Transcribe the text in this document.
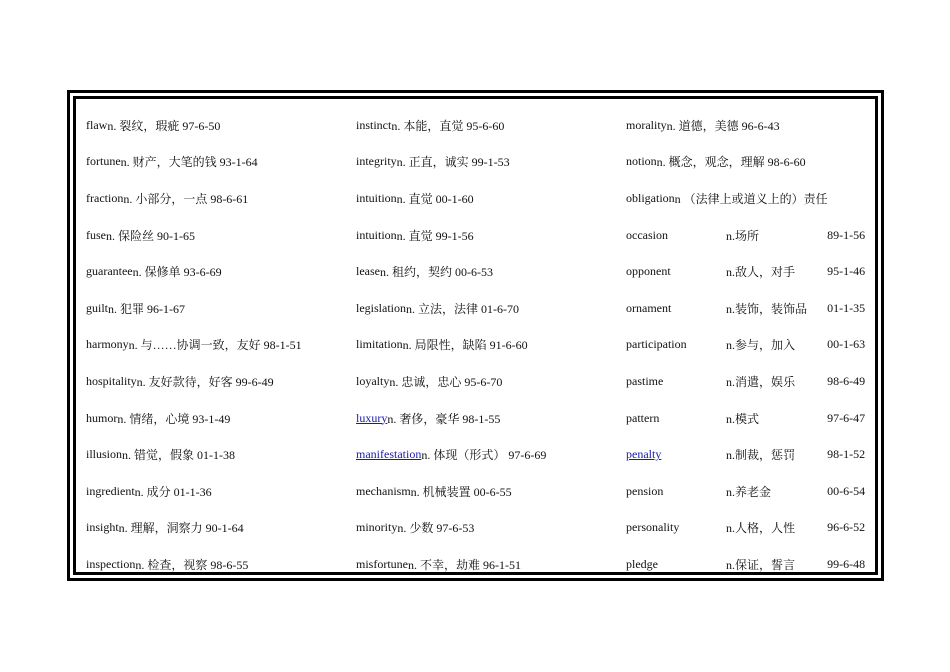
flaw n. 裂纹，瑕疵 97-6-50
fortune n. 财产，大笔的钱 93-1-64
fraction n. 小部分，一点 98-6-61
fuse n. 保险丝 90-1-65
guarantee n. 保修单 93-6-69
guilt n. 犯罪 96-1-67
harmony n. 与……协调一致，友好 98-1-51
hospitality n. 友好款待，好客 99-6-49
humor n. 情绪，心境 93-1-49
illusion n. 错觉，假象 01-1-38
ingredient n. 成分 01-1-36
insight n. 理解，洞察力 90-1-64
inspection n. 检查，视察 98-6-55
instinct n. 本能，直觉 95-6-60
integrity n. 正直，诚实 99-1-53
intuition n. 直觉 00-1-60
intuition n. 直觉 99-1-56
lease n. 租约，契约 00-6-53
legislation n. 立法，法律 01-6-70
limitation n. 局限性，缺陷 91-6-60
loyalty n. 忠诚，忠心 95-6-70
luxury n. 奢侈，豪华 98-1-55
manifestation n. 体现（形式） 97-6-69
mechanism n. 机械装置 00-6-55
minority n. 少数 97-6-53
misfortune n. 不幸，劫难 96-1-51
morality n. 道德，美德 96-6-43
notion n. 概念，观念，理解 98-6-60
obligation n （法律上或道义上的）责任
occasion	n.场所	89-1-56
opponent	n.敌人，对手	95-1-46
ornament	n.装饰，装饰品	01-1-35
participation	n.参与，加入	00-1-63
pastime	n.消遣，娱乐	98-6-49
pattern	n.模式	97-6-47
penalty	n.制裁，惩罚	98-1-52
pension	n.养老金	00-6-54
personality	n.人格，人性	96-6-52
pledge	n.保证，誓言	99-6-48
